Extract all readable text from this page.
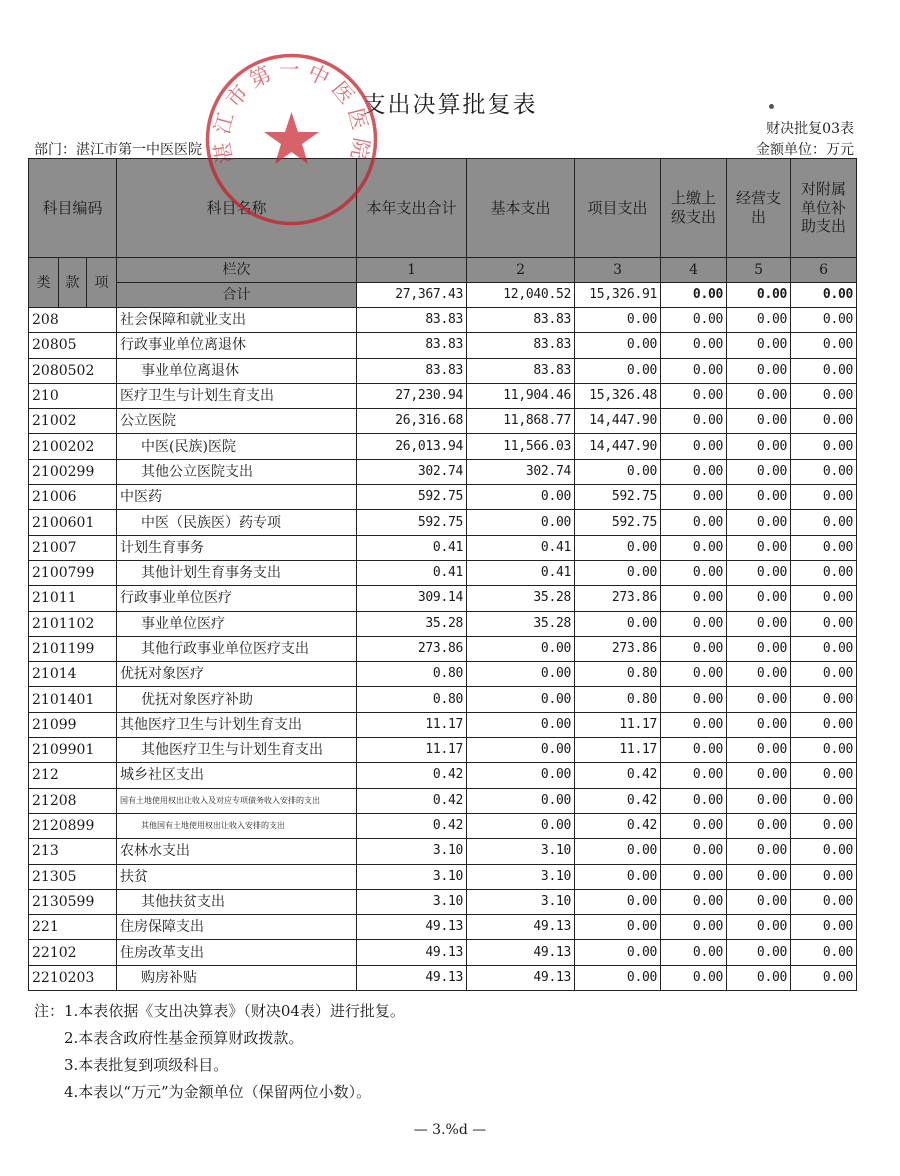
支出决算批复表
财决批复03表
金额单位：万元
部门：湛江市第一中医医院
科目编码			科目名称	本年支出合计	基本支出	项目支出	上缴上级支出	经营支出	对附属单位补助支出
类	款	项	栏次	1	2	3	4	5	6
			合计	27,367.43	12,040.52	15,326.91	0.00	0.00	0.00
208			社会保障和就业支出	83.83	83.83	0.00	0.00	0.00	0.00
20805			行政事业单位离退休	83.83	83.83	0.00	0.00	0.00	0.00
2080502			事业单位离退休	83.83	83.83	0.00	0.00	0.00	0.00
210			医疗卫生与计划生育支出	27,230.94	11,904.46	15,326.48	0.00	0.00	0.00
21002			公立医院	26,316.68	11,868.77	14,447.90	0.00	0.00	0.00
2100202			中医(民族)医院	26,013.94	11,566.03	14,447.90	0.00	0.00	0.00
2100299			其他公立医院支出	302.74	302.74	0.00	0.00	0.00	0.00
21006			中医药	592.75	0.00	592.75	0.00	0.00	0.00
2100601			中医（民族医）药专项	592.75	0.00	592.75	0.00	0.00	0.00
21007			计划生育事务	0.41	0.41	0.00	0.00	0.00	0.00
2100799			其他计划生育事务支出	0.41	0.41	0.00	0.00	0.00	0.00
21011			行政事业单位医疗	309.14	35.28	273.86	0.00	0.00	0.00
2101102			事业单位医疗	35.28	35.28	0.00	0.00	0.00	0.00
2101199			其他行政事业单位医疗支出	273.86	0.00	273.86	0.00	0.00	0.00
21014			优抚对象医疗	0.80	0.00	0.80	0.00	0.00	0.00
2101401			优抚对象医疗补助	0.80	0.00	0.80	0.00	0.00	0.00
21099			其他医疗卫生与计划生育支出	11.17	0.00	11.17	0.00	0.00	0.00
2109901			其他医疗卫生与计划生育支出	11.17	0.00	11.17	0.00	0.00	0.00
212			城乡社区支出	0.42	0.00	0.42	0.00	0.00	0.00
21208			国有土地使用权出让收入及对应专项债务收入安排的支出	0.42	0.00	0.42	0.00	0.00	0.00
2120899			其他国有土地使用权出让收入安排的支出	0.42	0.00	0.42	0.00	0.00	0.00
213			农林水支出	3.10	3.10	0.00	0.00	0.00	0.00
21305			扶贫	3.10	3.10	0.00	0.00	0.00	0.00
2130599			其他扶贫支出	3.10	3.10	0.00	0.00	0.00	0.00
221			住房保障支出	49.13	49.13	0.00	0.00	0.00	0.00
22102			住房改革支出	49.13	49.13	0.00	0.00	0.00	0.00
2210203			购房补贴	49.13	49.13	0.00	0.00	0.00	0.00
湛江市第一中医医院
注：1.本表依据《支出决算表》（财决04表）进行批复。
2.本表含政府性基金预算财政拨款。
3.本表批复到项级科目。
4.本表以“万元”为金额单位（保留两位小数）。
— 3.%d —
